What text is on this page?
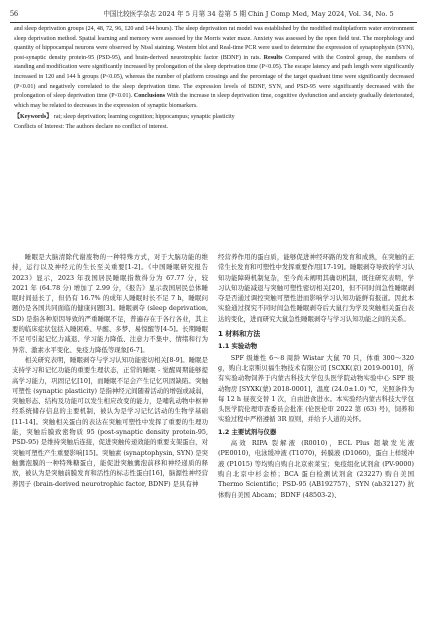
56	中国比较医学杂志 2024 年 5 月第 34 卷第 5 期 Chin J Comp Med, May 2024, Vol. 34, No. 5

and sleep deprivation groups (24, 48, 72, 96, 120 and 144 hours). The sleep deprivation rat model was established by the modified multiplatform water environment sleep deprivation method. Spatial learning and memory were assessed by the Morris water maze. Anxiety was assessed by the open field test. The morphology and quantity of hippocampal neurons were observed by Nissl staining. Western blot and Real-time PCR were used to determine the expression of synaptophysin (SYN), post-synaptic density protein-95 (PSD-95), and brain-derived neurotrophic factor (BDNF) in rats. Results Compared with the Control group, the numbers of standing and modification were significantly increased by prolongation of the sleep deprivation time (P<0.05). The escape latency and path length were significantly increased in 120 and 144 h groups (P<0.05), whereas the number of platform crossings and the percentage of the target quadrant time were significantly decreased (P<0.01) and negatively correlated to the sleep deprivation time. The expression levels of BDNF, SYN, and PSD-95 were significantly decreased with the prolongation of sleep deprivation time (P<0.01). Conclusions With the increase in sleep deprivation time, cognitive dysfunction and anxiety gradually deteriorated, which may be related to decreases in the expression of synaptic biomarkers.

【Keywords】 rat; sleep deprivation; learning cognition; hippocampus; synaptic plasticity

Conflicts of Interest: The authors declare no conflict of interest.

睡眠是大脑清除代谢废物的一种特殊方式，对于大脑功能的维持，运行以及神经元的生长至关重要[1-2]。《中国睡眠研究报告 2023》显示，2023 年我国居民睡眠指数得分为 67.77 分，较 2021 年 (64.78 分) 增加了 2.99 分，《报告》显示我国居民总体睡眠时间延长了，但仍有 16.7% 的成年人睡眠时长不足 7 h，睡眠问题仍是各国共同面临的健康问题[3]。睡眠剥夺 (sleep deprivation, SD) 是指各种原因导致的严重睡眠不足，普遍存在于各行各业，其主要的临床症状包括入睡困难、早醒、多梦、易惊醒等[4-5]。长期睡眠不足可引起记忆力减退、学习能力降低、注意力不集中、情绪和行为异常、激素水平变化、免疫力降低等现象[6-7]。

相关研究表明，睡眠剥夺与学习认知功能密切相关[8-9]。睡眠是支持学习和记忆功能的重要生理状态，正常的睡眠 - 觉醒周期能够提高学习能力，巩固记忆[10]，而睡眠不足会产生记忆巩固缺陷。突触可塑性 (synaptic plasticity) 是指神经元间随着活动的增强或减弱，突触形态、结构及功能可以发生相应改变的能力，是哺乳动物中枢神经系统储存信息的主要机制，被认为是学习记忆活动的生物学基础[11-14]。突触相关蛋白的表达在突触可塑性中发挥了重要的生理功能，突触后膜致密物质 95 (post-synaptic density protein-95, PSD-95) 是维持突触后连接，促进突触传递效能的重要支架蛋白，对突触可塑性产生重要影响[15]。突触素 (synaptophysin, SYN) 是突触囊泡膜的一种特殊糖蛋白，能促进突触囊泡前移和神经递质的释放，被认为是突触前膜发育和活性的标志性蛋白[16]，脑源性神经营养因子 (brain-derived neurotrophic factor, BDNF) 是具有神

经营养作用的蛋白质，能够促进神经环路的发育和成熟，在突触的正常生长发育和可塑性中发挥重要作用[17-19]。睡眠剥夺导致的学习认知功能障碍机制复杂，至今尚未阐明其确切机制，既往研究表明，学习认知功能减退与突触可塑性密切相关[20]，但不同时间急性睡眠剥夺是否通过调控突触可塑性进而影响学习认知功能鲜有报道。因此本实验通过探究不同时间急性睡眠剥夺后大鼠行为学及突触相关蛋白表达的变化，进而研究大鼠急性睡眠剥夺与学习认知功能之间的关系。

1 材料和方法
1.1 实验动物

SPF 级雄性 6～8 周龄 Wistar 大鼠 70 只，体重 300～320 g，购自北京斯贝福生物技术有限公司 [SCXK(京) 2019-0010]，所有实验动物饲养于内蒙古科技大学包头医学院动物实验中心 SPF 级动物房 [SYXK(蒙) 2018-0001]，温度 (24.0±1.0) ℃，光照条件为每 12 h 昼夜交替 1 次，自由进食进水。本实验经内蒙古科技大学包头医学院伦理审查委员会批准 (伦医伦审 2022 第 (63) 号)，饲养和实验过程中严格遵循 3R 原则，并给予人道的关怀。

1.2 主要试剂与仪器

高效 RIPA 裂解液 (R0010)，ECL Plus 超敏发光液 (PE0010)，电泳缓冲液 (T1070)，转膜液 (D1060)，蛋白上样缓冲液 (P1015) 等均购自购自北京索莱宝；免疫组化试剂盒 (PV-9000) 购自北京中杉金桥；BCA 蛋白检测试剂盒 (23227) 购自美国 Thermo Scientific；PSD-95 (AB192757)、SYN (ab32127) 抗体购自美国 Abcam；BDNF (48503-2)、
